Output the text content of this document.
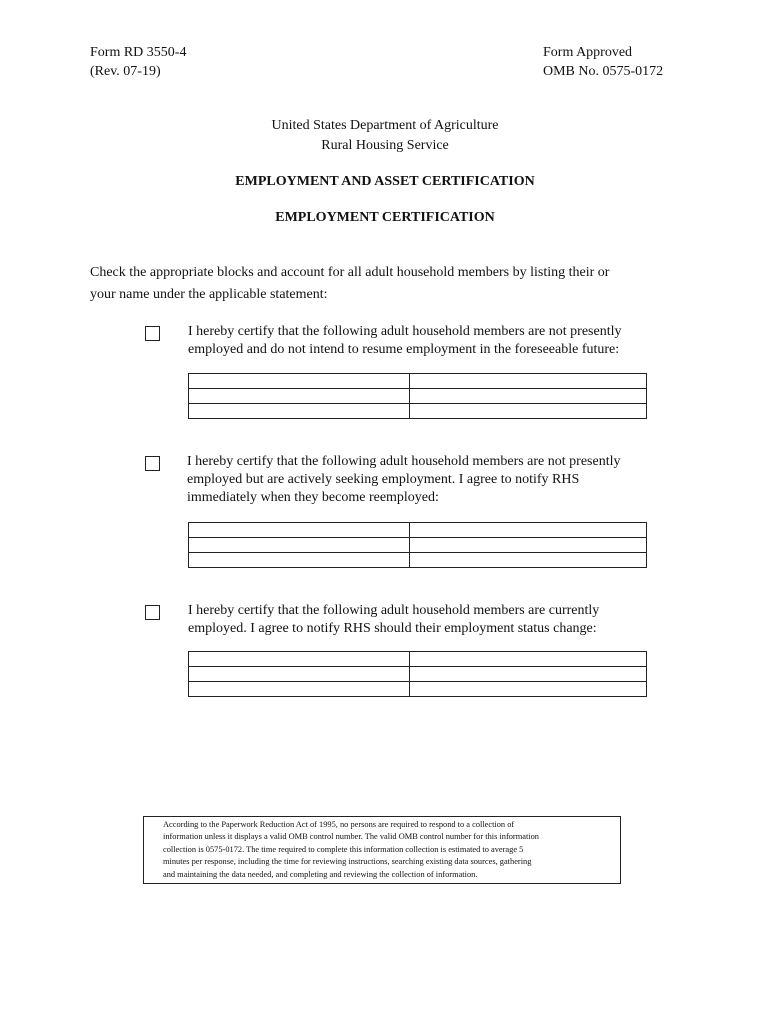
Form RD 3550-4
(Rev. 07-19)
Form Approved
OMB No. 0575-0172
United States Department of Agriculture
Rural Housing Service
EMPLOYMENT AND ASSET CERTIFICATION
EMPLOYMENT CERTIFICATION
Check the appropriate blocks and account for all adult household members by listing their or
your name under the applicable statement:
I hereby certify that the following adult household members are not presently
employed and do not intend to resume employment in the foreseeable future:

I hereby certify that the following adult household members are not presently
employed but are actively seeking employment. I agree to notify RHS
immediately when they become reemployed:

I hereby certify that the following adult household members are currently
employed. I agree to notify RHS should their employment status change:

According to the Paperwork Reduction Act of 1995, no persons are required to respond to a collection of
information unless it displays a valid OMB control number. The valid OMB control number for this information
collection is 0575-0172. The time required to complete this information collection is estimated to average 5
minutes per response, including the time for reviewing instructions, searching existing data sources, gathering
and maintaining the data needed, and completing and reviewing the collection of information.
